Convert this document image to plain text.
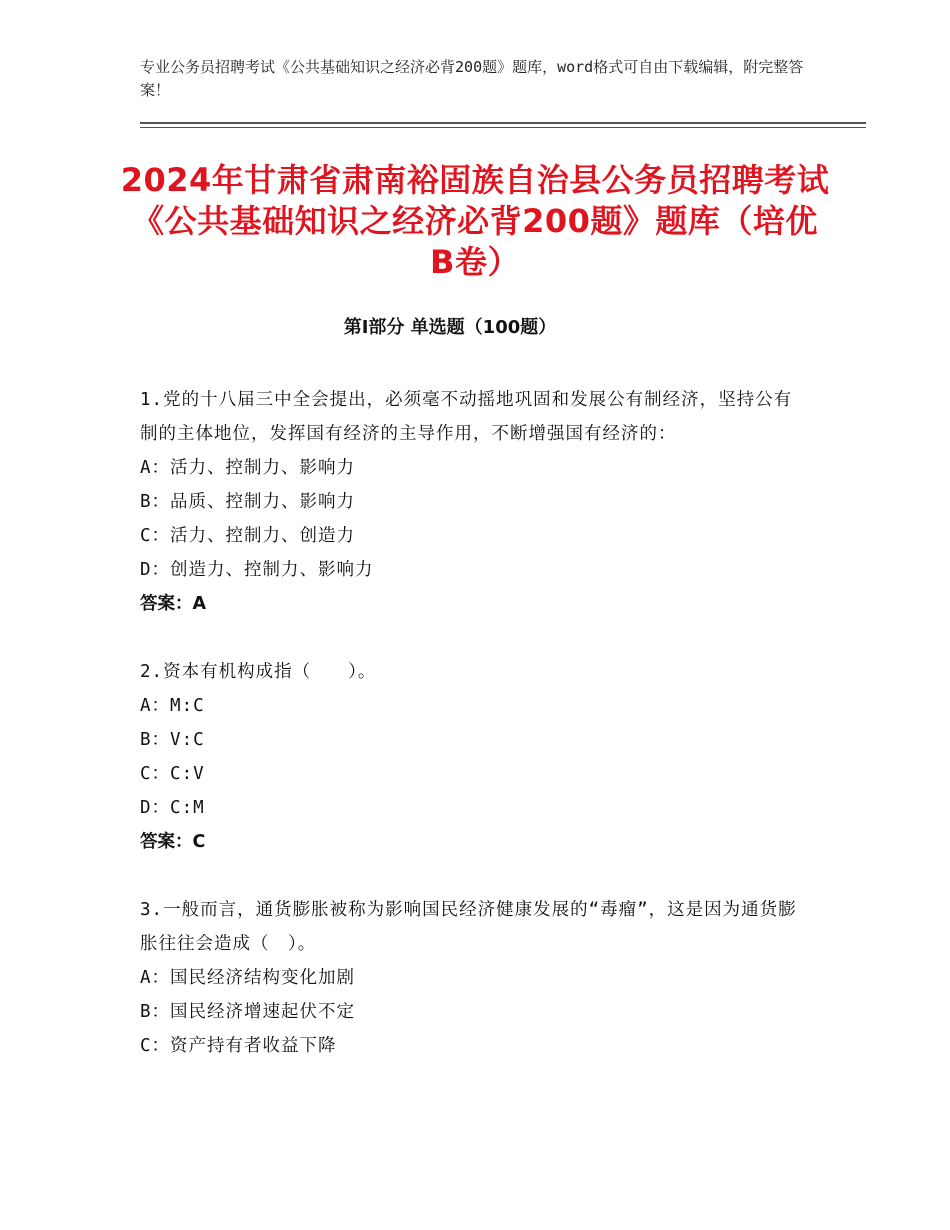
专业公务员招聘考试《公共基础知识之经济必背200题》题库，word格式可自由下载编辑，附完整答案！
2024年甘肃省肃南裕固族自治县公务员招聘考试《公共基础知识之经济必背200题》题库（培优B卷）
第Ⅰ部分 单选题（100题）

1.党的十八届三中全会提出，必须毫不动摇地巩固和发展公有制经济，坚持公有制的主体地位，发挥国有经济的主导作用，不断增强国有经济的：

A：活力、控制力、影响力

B：品质、控制力、影响力

C：活力、控制力、创造力

D：创造力、控制力、影响力

答案：A

2.资本有机构成指（　　）。

A：M:C

B：V:C

C：C:V

D：C:M

答案：C

3.一般而言，通货膨胀被称为影响国民经济健康发展的“毒瘤”，这是因为通货膨胀往往会造成（　）。

A：国民经济结构变化加剧

B：国民经济增速起伏不定

C：资产持有者收益下降
